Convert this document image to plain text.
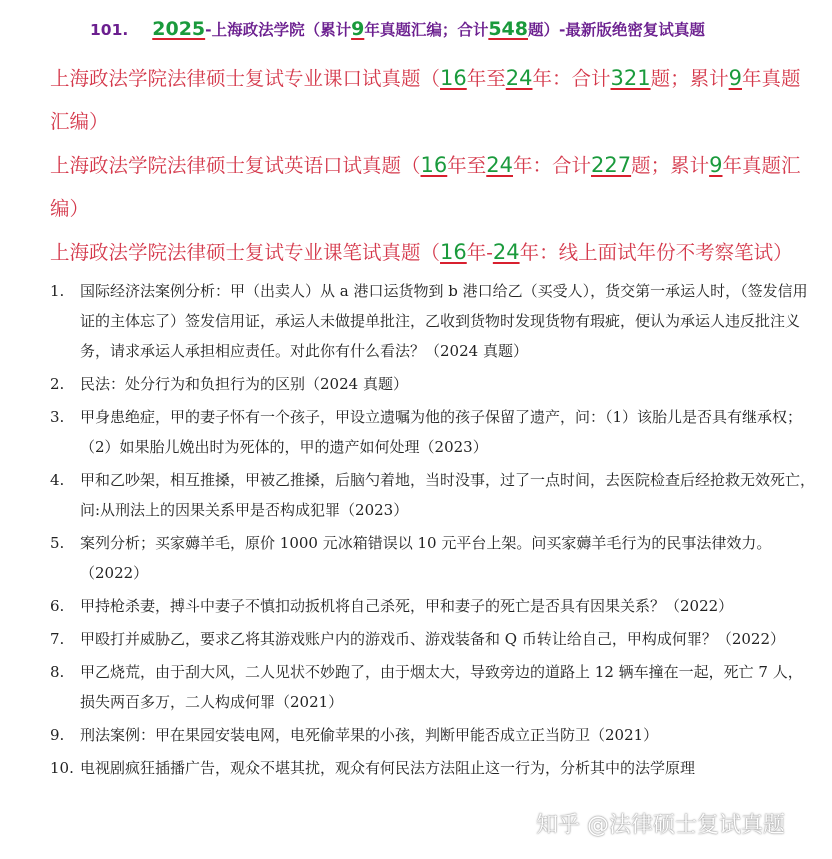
101. 2025-上海政法学院（累计9年真题汇编；合计548题）-最新版绝密复试真题
上海政法学院法律硕士复试专业课口试真题（16年至24年：合计321题；累计9年真题汇编）
上海政法学院法律硕士复试英语口试真题（16年至24年：合计227题；累计9年真题汇编）
上海政法学院法律硕士复试专业课笔试真题（16年-24年：线上面试年份不考察笔试）
1. 国际经济法案例分析：甲（出卖人）从 a 港口运货物到 b 港口给乙（买受人），货交第一承运人时，（签发信用证的主体忘了）签发信用证，承运人未做提单批注，乙收到货物时发现货物有瑕疵，便认为承运人违反批注义务，请求承运人承担相应责任。对此你有什么看法？（2024 真题）
2. 民法：处分行为和负担行为的区别（2024 真题）
3. 甲身患绝症，甲的妻子怀有一个孩子，甲设立遗嘱为他的孩子保留了遗产，问：（1）该胎儿是否具有继承权；（2）如果胎儿娩出时为死体的，甲的遗产如何处理（2023）
4. 甲和乙吵架，相互推搡，甲被乙推搡，后脑勺着地，当时没事，过了一点时间，去医院检查后经抢救无效死亡，问:从刑法上的因果关系甲是否构成犯罪（2023）
5. 案列分析；买家薅羊毛，原价 1000 元冰箱错误以 10 元平台上架。问买家薅羊毛行为的民事法律效力。（2022）
6. 甲持枪杀妻，搏斗中妻子不慎扣动扳机将自己杀死，甲和妻子的死亡是否具有因果关系？（2022）
7. 甲殴打并威胁乙，要求乙将其游戏账户内的游戏币、游戏装备和 Q 币转让给自己，甲构成何罪？（2022）
8. 甲乙烧荒，由于刮大风，二人见状不妙跑了，由于烟太大，导致旁边的道路上 12 辆车撞在一起，死亡 7 人，损失两百多万，二人构成何罪（2021）
9. 刑法案例：甲在果园安装电网，电死偷苹果的小孩，判断甲能否成立正当防卫（2021）
10. 电视剧疯狂插播广告，观众不堪其扰，观众有何民法方法阻止这一行为，分析其中的法学原理
知乎 @法律硕士复试真题
